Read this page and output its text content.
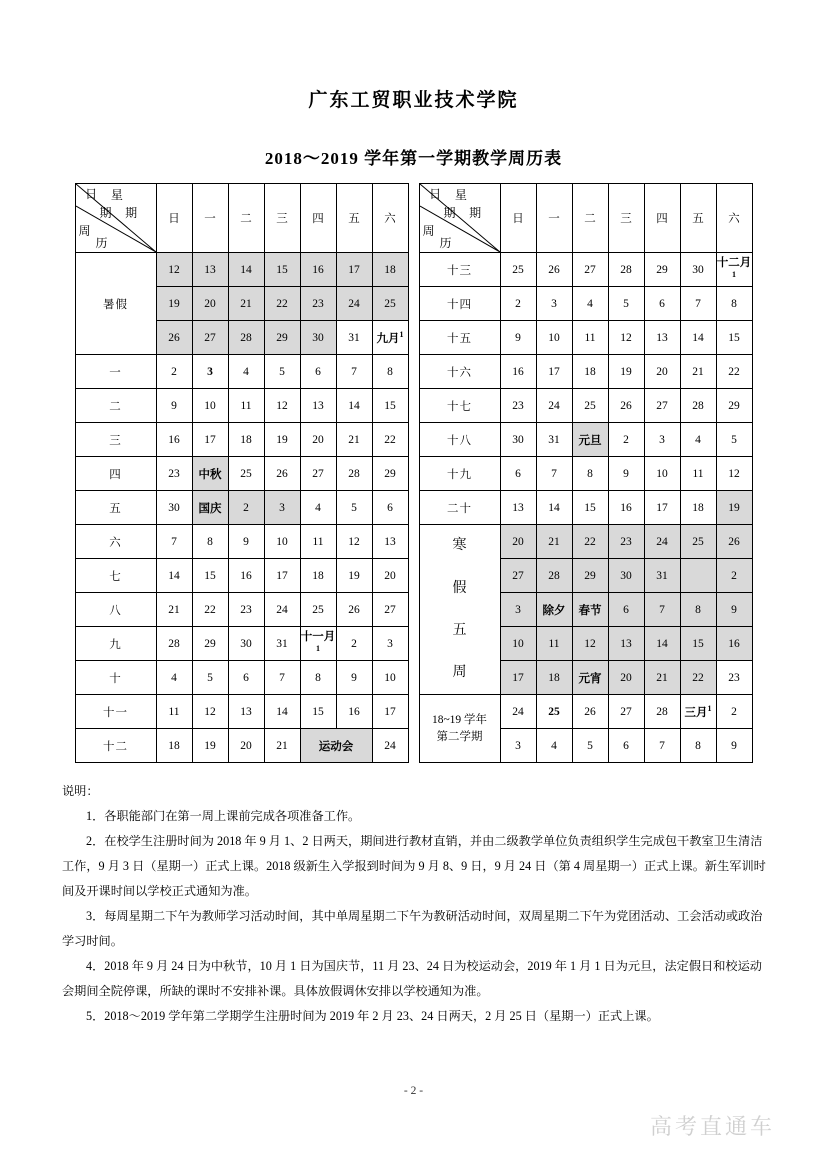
广东工贸职业技术学院
2018～2019 学年第一学期教学周历表
日 星
期 期
周
历
	日	一	二	三	四	五	六
暑假	12	13	14	15	16	17	18
	19	20	21	22	23	24	25
	26	27	28	29	30	31	九月$^1$
一	2	3	4	5	6	7	8
二	9	10	11	12	13	14	15
三	16	17	18	19	20	21	22
四	23	中秋	25	26	27	28	29
五	30	国庆	2	3	4	5	6
六	7	8	9	10	11	12	13
七	14	15	16	17	18	19	20
八	21	22	23	24	25	26	27
九	28	29	30	31	十一月$^1$	2	3
十	4	5	6	7	8	9	10
十一	11	12	13	14	15	16	17
十二	18	19	20	21	运动会		24
日 星
期 期
周
历
	日	一	二	三	四	五	六
十三	25	26	27	28	29	30	十二月$^1$
十四	2	3	4	5	6	7	8
十五	9	10	11	12	13	14	15
十六	16	17	18	19	20	21	22
十七	23	24	25	26	27	28	29
十八	30	31	元旦	2	3	4	5
十九	6	7	8	9	10	11	12
二十	13	14	15	16	17	18	19

寒
假
五
周	20	21	22	23	24	25	26
	27	28	29	30	31		2
	3	除夕	春节	6	7	8	9
	10	11	12	13	14	15	16
	17	18	元宵	20	21	22	23

18~19 学年
第二学期	24	25	26	27	28	三月$^1$	2
	3	4	5	6	7	8	9

说明：

1．各职能部门在第一周上课前完成各项准备工作。

2．在校学生注册时间为 2018 年 9 月 1、2 日两天，期间进行教材直销，并由二级教学单位负责组织学生完成包干教室卫生清洁工作，9 月 3 日（星期一）正式上课。2018 级新生入学报到时间为 9 月 8、9 日，9 月 24 日（第 4 周星期一）正式上课。新生军训时间及开课时间以学校正式通知为准。

3．每周星期二下午为教师学习活动时间，其中单周星期二下午为教研活动时间，双周星期二下午为党团活动、工会活动或政治学习时间。

4．2018 年 9 月 24 日为中秋节，10 月 1 日为国庆节，11 月 23、24 日为校运动会，2019 年 1 月 1 日为元旦，法定假日和校运动会期间全院停课，所缺的课时不安排补课。具体放假调休安排以学校通知为准。

5．2018～2019 学年第二学期学生注册时间为 2019 年 2 月 23、24 日两天，2 月 25 日（星期一）正式上课。

- 2 -
高考直通车
